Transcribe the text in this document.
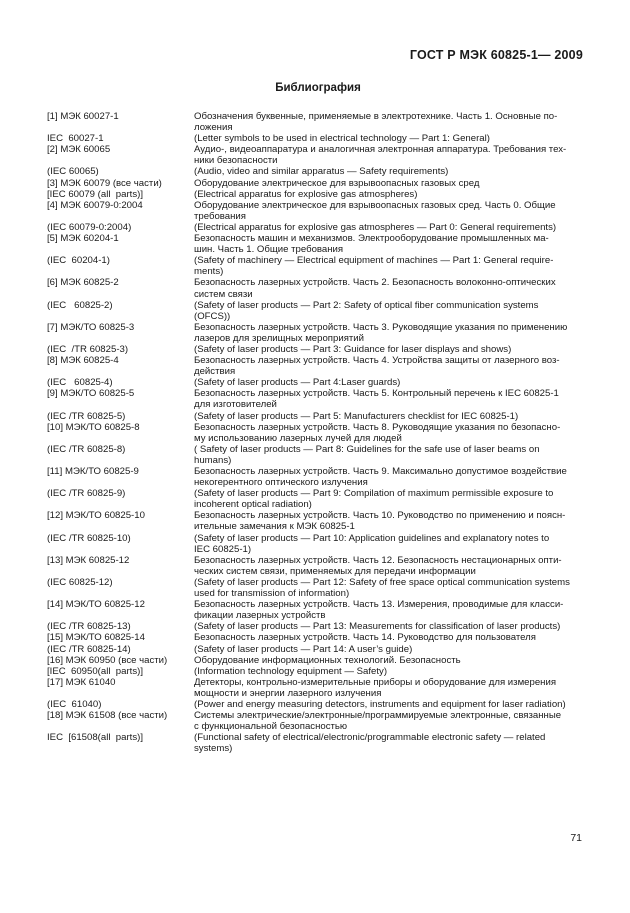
ГОСТ Р МЭК 60825-1— 2009
Библиография
[1] МЭК 60027-1	Обозначения буквенные, применяемые в электротехнике. Часть 1. Основные по-
ложения
IEC  60027-1	(Letter symbols to be used in electrical technology — Part 1: General)
[2] МЭК 60065	Аудио-, видеоаппаратура и аналогичная электронная аппаратура. Требования тех-
ники безопасности
(IEC 60065)	(Audio, video and similar apparatus — Safety requirements)
[3] МЭК 60079 (все части)	Оборудование электрическое для взрывоопасных газовых сред
[IEC 60079 (all  parts)]	(Electrical apparatus for explosive gas atmospheres)
[4] МЭК 60079-0:2004	Оборудование электрическое для взрывоопасных газовых сред. Часть 0. Общие
требования
(IEC 60079-0:2004)	(Electrical apparatus for explosive gas atmospheres — Part 0: General requirements)
[5] МЭК 60204-1	Безопасность машин и механизмов. Электрооборудование промышленных ма-
шин. Часть 1. Общие требования
(IEC  60204-1)	(Safety of machinery — Electrical equipment of machines — Part 1: General require-
ments)
[6] МЭК 60825-2	Безопасность лазерных устройств. Часть 2. Безопасность волоконно-оптических
систем связи
(IEC   60825-2)	(Safety of laser products — Part 2: Safety of optical fiber communication systems
(OFCS))
[7] МЭК/ТО 60825-3	Безопасность лазерных устройств. Часть 3. Руководящие указания по применению
лазеров для зрелищных мероприятий
(IEC  /TR 60825-3)	(Safety of laser products — Part 3: Guidance for laser displays and shows)
[8] МЭК 60825-4	Безопасность лазерных устройств. Часть 4. Устройства защиты от лазерного воз-
действия
(IEC   60825-4)	(Safety of laser products — Part 4:Laser guards)
[9] МЭК/ТО 60825-5	Безопасность лазерных устройств. Часть 5. Контрольный перечень к IEC 60825-1
для изготовителей
(IEC /TR 60825-5)	(Safety of laser products — Part 5: Manufacturers checklist for IEC 60825-1)
[10] МЭК/ТО 60825-8	Безопасность лазерных устройств. Часть 8. Руководящие указания по безопасно-
му использованию лазерных лучей для людей
(IEC /TR 60825-8)	( Safety of laser products — Part 8: Guidelines for the safe use of laser beams on
humans)
[11] МЭК/ТО 60825-9	Безопасность лазерных устройств. Часть 9. Максимально допустимое воздействие
некогерентного оптического излучения
(IEC /TR 60825-9)	(Safety of laser products — Part 9: Compilation of maximum permissible exposure to
incoherent optical radiation)
[12] МЭК/ТО 60825-10	Безопасность лазерных устройств. Часть 10. Руководство по применению и поясн-
ительные замечания к МЭК 60825-1
(IEC /TR 60825-10)	(Safety of laser products — Part 10: Application guidelines and explanatory notes to
IEC 60825-1)
[13] МЭК 60825-12	Безопасность лазерных устройств. Часть 12. Безопасность нестационарных опти-
ческих систем связи, применяемых для передачи информации
(IEC 60825-12)	(Safety of laser products — Part 12: Safety of free space optical communication systems
used for transmission of information)
[14] МЭК/ТО 60825-12	Безопасность лазерных устройств. Часть 13. Измерения, проводимые для класси-
фикации лазерных устройств
(IEC /TR 60825-13)	(Safety of laser products — Part 13: Measurements for classification of laser products)
[15] МЭК/ТО 60825-14	Безопасность лазерных устройств. Часть 14. Руководство для пользователя
(IEC /TR 60825-14)	(Safety of laser products — Part 14: A user’s guide)
[16] МЭК 60950 (все части)	Оборудование информационных технологий. Безопасность
[IEC  60950(all  parts)]	(Information technology equipment — Safety)
[17] МЭК 61040	Детекторы, контрольно-измерительные приборы и оборудование для измерения
мощности и энергии лазерного излучения
(IEC  61040)	(Power and energy measuring detectors, instruments and equipment for laser radiation)
[18] МЭК 61508 (все части)	Системы электрические/электронные/программируемые электронные, связанные
с функциональной безопасностью
IEC  [61508(all  parts)]	(Functional safety of electrical/electronic/programmable electronic safety — related
systems)
71
